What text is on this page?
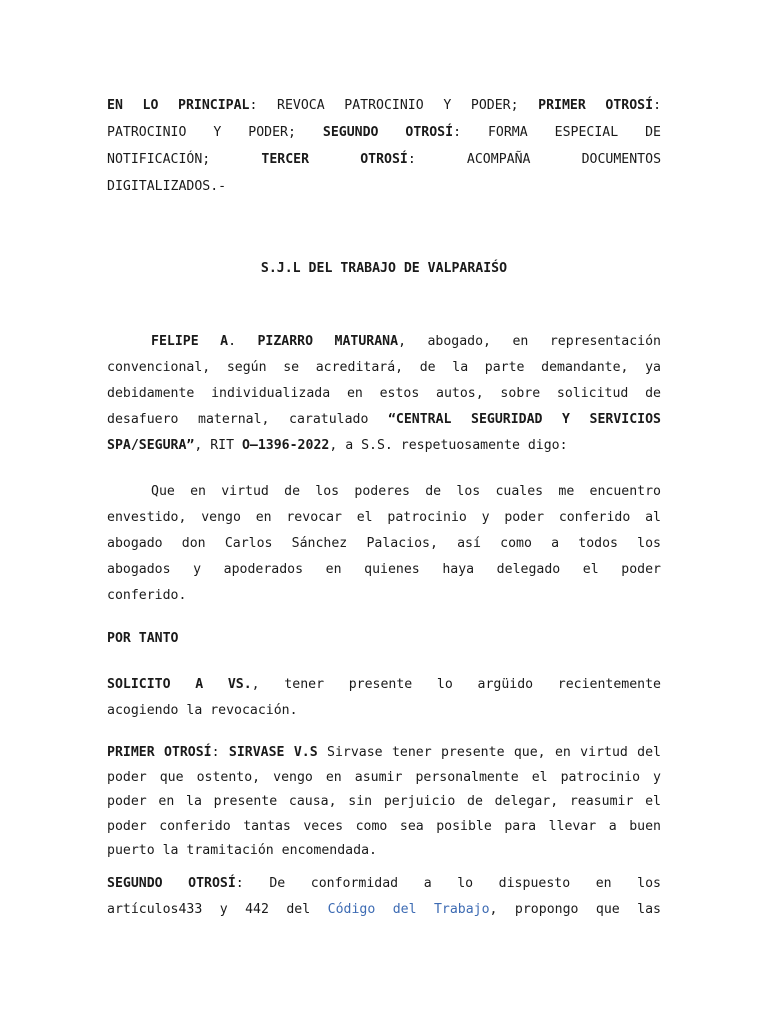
EN LO PRINCIPAL: REVOCA PATROCINIO Y PODER; PRIMER OTROSÍ:
PATROCINIO Y PODER; SEGUNDO OTROSÍ: FORMA ESPECIAL DE
NOTIFICACIÓN; TERCER OTROSÍ: ACOMPAÑA DOCUMENTOS
DIGITALIZADOS.-
S.J.L DEL TRABAJO DE VALPARAIŚO
FELIPE A. PIZARRO MATURANA, abogado, en representación
convencional, según se acreditará, de la parte demandante, ya
debidamente individualizada en estos autos, sobre solicitud de
desafuero maternal, caratulado “CENTRAL SEGURIDAD Y SERVICIOS
SPA/SEGURA”, RIT O–1396-2022, a S.S. respetuosamente digo:
Que en virtud de los poderes de los cuales me encuentro
envestido, vengo en revocar el patrocinio y poder conferido al
abogado don Carlos Sánchez Palacios, así como a todos los
abogados y apoderados en quienes haya delegado el poder
conferido.
POR TANTO
SOLICITO A VS., tener presente lo argüido recientemente
acogiendo la revocación.
PRIMER OTROSÍ: SIRVASE V.S Sirvase tener presente que, en virtud del
poder que ostento, vengo en asumir personalmente el patrocinio y
poder en la presente causa, sin perjuicio de delegar, reasumir el
poder conferido tantas veces como sea posible para llevar a buen
puerto la tramitación encomendada.
SEGUNDO OTROSÍ: De conformidad a lo dispuesto en los
artículos433 y 442 del Código del Trabajo, propongo que las
